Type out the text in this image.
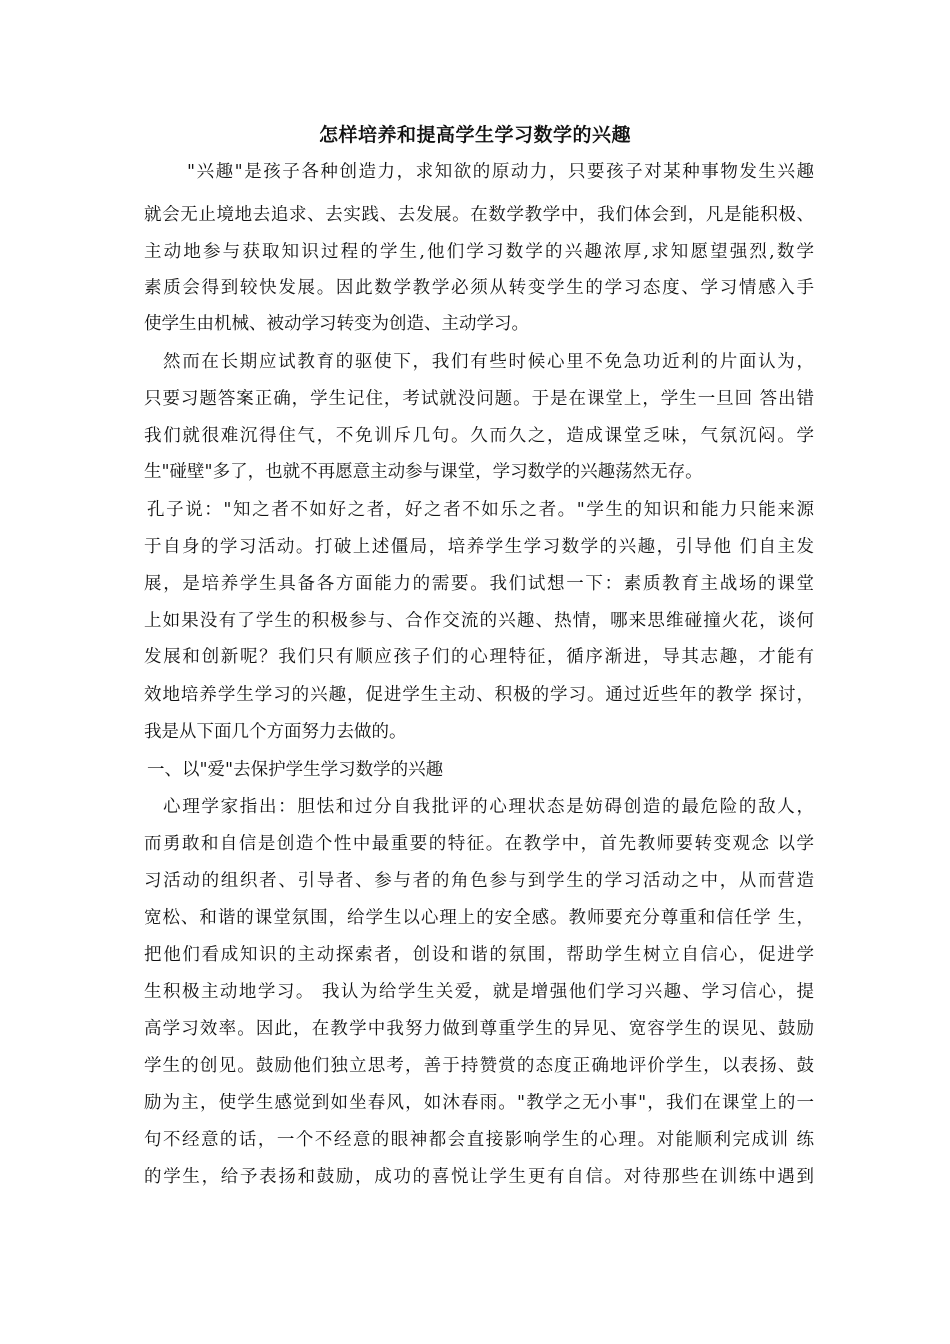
怎样培养和提高学生学习数学的兴趣
"兴趣"是孩子各种创造力，求知欲的原动力，只要孩子对某种事物发生兴趣
就会无止境地去追求、去实践、去发展。在数学教学中，我们体会到，凡是能积极、
主动地参与获取知识过程的学生,他们学习数学的兴趣浓厚,求知愿望强烈,数学
素质会得到较快发展。因此数学教学必须从转变学生的学习态度、学习情感入手
使学生由机械、被动学习转变为创造、主动学习。
然而在长期应试教育的驱使下，我们有些时候心里不免急功近利的片面认为，
只要习题答案正确，学生记住，考试就没问题。于是在课堂上，学生一旦回 答出错
我们就很难沉得住气，不免训斥几句。久而久之，造成课堂乏味，气氛沉闷。学
生"碰壁"多了，也就不再愿意主动参与课堂，学习数学的兴趣荡然无存。
孔子说："知之者不如好之者，好之者不如乐之者。"学生的知识和能力只能来源
于自身的学习活动。打破上述僵局，培养学生学习数学的兴趣，引导他 们自主发
展，是培养学生具备各方面能力的需要。我们试想一下：素质教育主战场的课堂
上如果没有了学生的积极参与、合作交流的兴趣、热情，哪来思维碰撞火花，谈何
发展和创新呢？我们只有顺应孩子们的心理特征，循序渐进，导其志趣，才能有
效地培养学生学习的兴趣，促进学生主动、积极的学习。通过近些年的教学 探讨，
我是从下面几个方面努力去做的。
一、以"爱"去保护学生学习数学的兴趣
心理学家指出：胆怯和过分自我批评的心理状态是妨碍创造的最危险的敌人，
而勇敢和自信是创造个性中最重要的特征。在教学中，首先教师要转变观念 以学
习活动的组织者、引导者、参与者的角色参与到学生的学习活动之中，从而营造
宽松、和谐的课堂氛围，给学生以心理上的安全感。教师要充分尊重和信任学 生，
把他们看成知识的主动探索者，创设和谐的氛围，帮助学生树立自信心，促进学
生积极主动地学习。 我认为给学生关爱，就是增强他们学习兴趣、学习信心，提
高学习效率。因此，在教学中我努力做到尊重学生的异见、宽容学生的误见、鼓励
学生的创见。鼓励他们独立思考，善于持赞赏的态度正确地评价学生，以表扬、鼓
励为主，使学生感觉到如坐春风，如沐春雨。"教学之无小事"，我们在课堂上的一
句不经意的话，一个不经意的眼神都会直接影响学生的心理。对能顺利完成训 练
的学生，给予表扬和鼓励，成功的喜悦让学生更有自信。对待那些在训练中遇到
